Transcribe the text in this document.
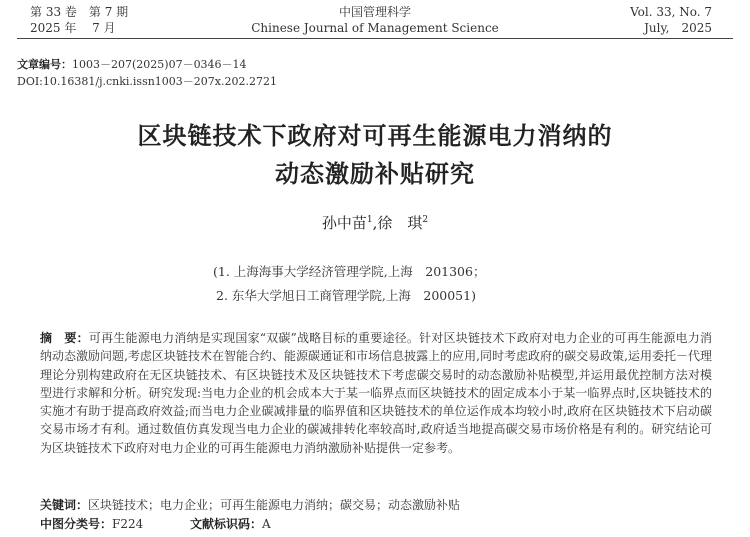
第 33 卷　第 7 期
2025 年　 7 月
中国管理科学
Chinese Journal of Management Science
Vol. 33, No. 7
July,　2025
文章编号：1003－207(2025)07－0346－14
DOI:10.16381/j.cnki.issn1003－207x.202.2721
区块链技术下政府对可再生能源电力消纳的
动态激励补贴研究
孙中苗$^1$,徐　琪$^2$
(1. 上海海事大学经济管理学院,上海　201306；
2. 东华大学旭日工商管理学院,上海　200051)
摘　要：可再生能源电力消纳是实现国家“双碳”战略目标的重要途径。针对区块链技术下政府对电力企业的可再生能源电力消纳动态激励问题,考虑区块链技术在智能合约、能源碳通证和市场信息披露上的应用,同时考虑政府的碳交易政策,运用委托－代理理论分别构建政府在无区块链技术、有区块链技术及区块链技术下考虑碳交易时的动态激励补贴模型,并运用最优控制方法对模型进行求解和分析。研究发现:当电力企业的机会成本大于某一临界点而区块链技术的固定成本小于某一临界点时,区块链技术的实施才有助于提高政府效益;而当电力企业碳减排量的临界值和区块链技术的单位运作成本均较小时,政府在区块链技术下启动碳交易市场才有利。通过数值仿真发现当电力企业的碳减排转化率较高时,政府适当地提高碳交易市场价格是有利的。研究结论可为区块链技术下政府对电力企业的可再生能源电力消纳激励补贴提供一定参考。
关键词：区块链技术；电力企业；可再生能源电力消纳；碳交易；动态激励补贴
中图分类号：F224	文献标识码：A
